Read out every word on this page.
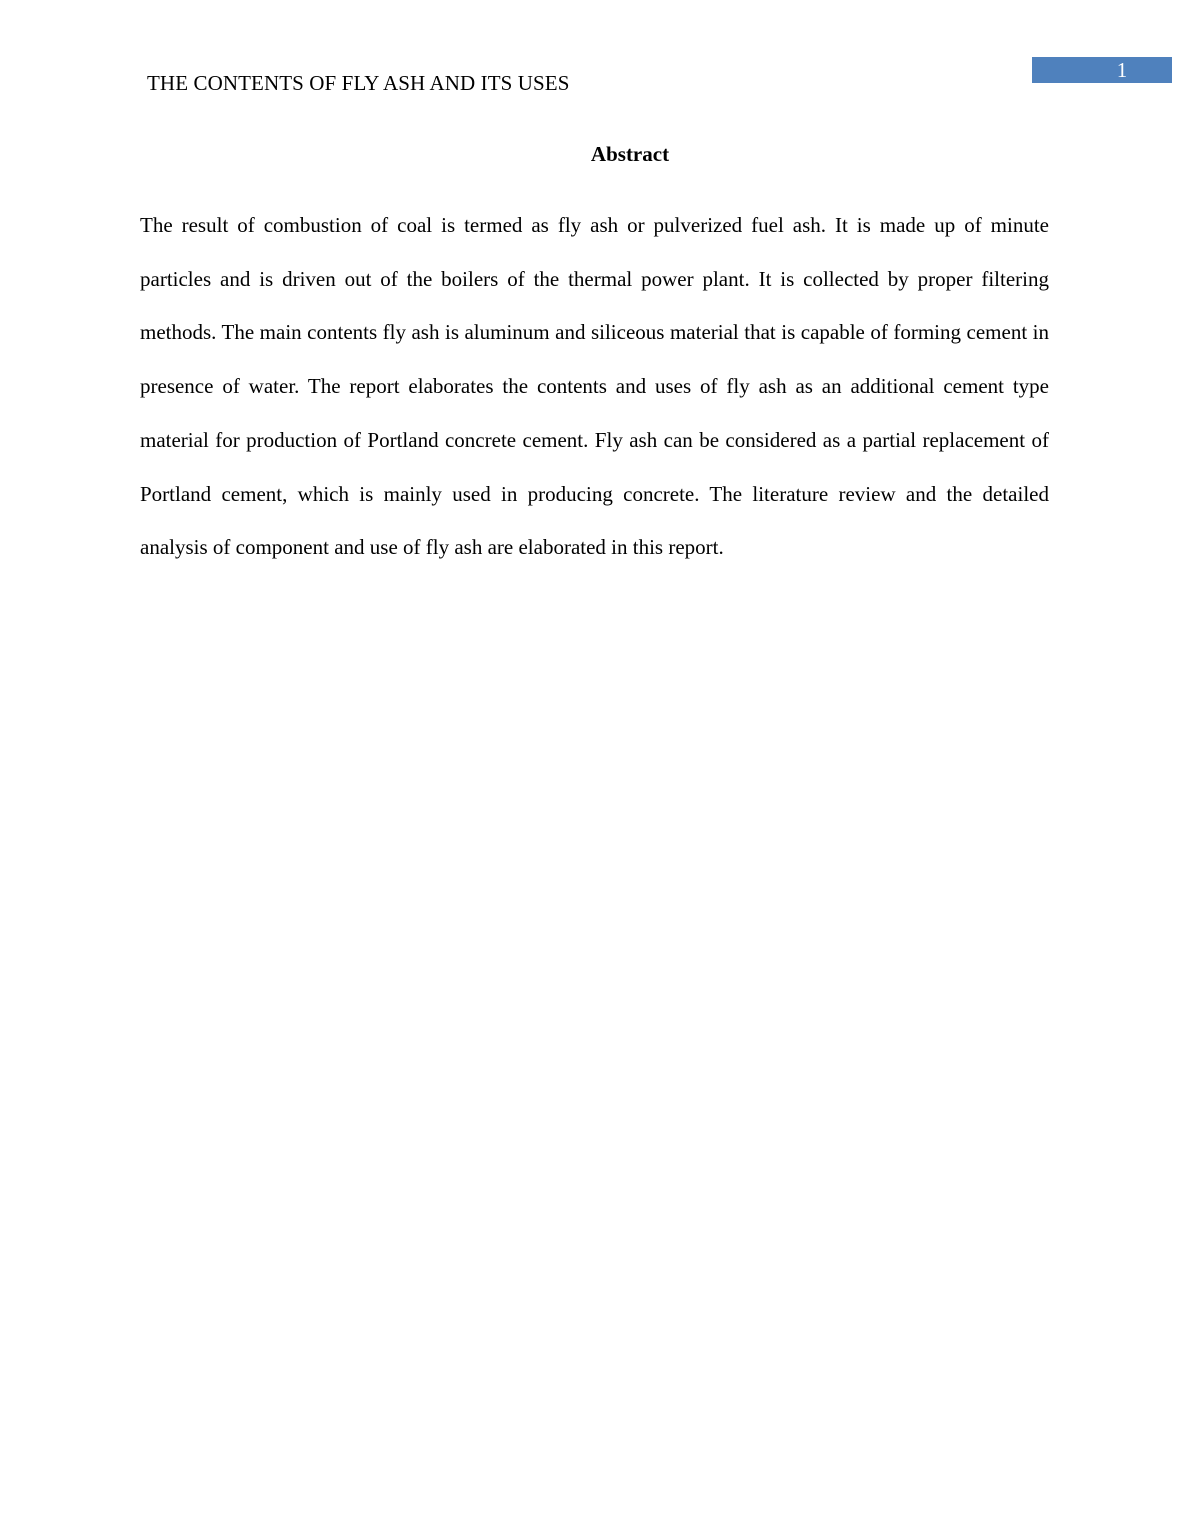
THE CONTENTS OF FLY ASH AND ITS USES
1
Abstract

The result of combustion of coal is termed as fly ash or pulverized fuel ash. It is made up of minute particles and is driven out of the boilers of the thermal power plant. It is collected by proper filtering methods. The main contents fly ash is aluminum and siliceous material that is capable of forming cement in presence of water. The report elaborates the contents and uses of fly ash as an additional cement type material for production of Portland concrete cement. Fly ash can be considered as a partial replacement of Portland cement, which is mainly used in producing concrete. The literature review and the detailed analysis of component and use of fly ash are elaborated in this report.
